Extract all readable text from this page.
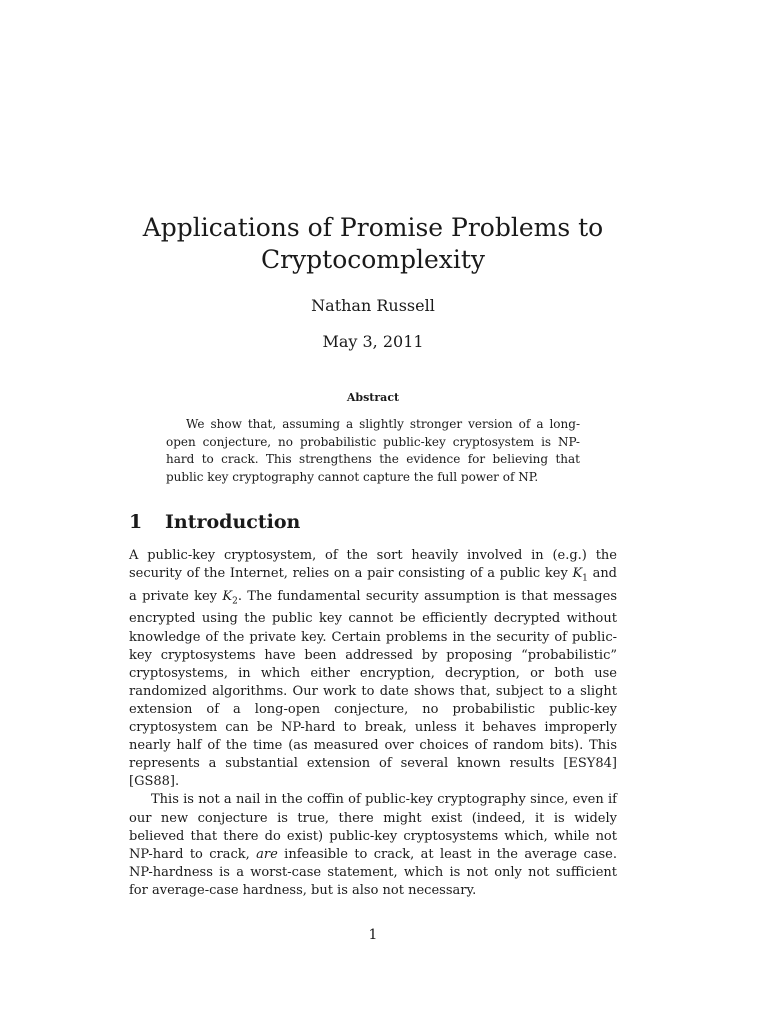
Applications of Promise Problems to
Cryptocomplexity
Nathan Russell
May 3, 2011
Abstract

We show that, assuming a slightly stronger version of a long-open conjecture, no probabilistic public-key cryptosystem is NP-hard to crack. This strengthens the evidence for believing that public key cryptography cannot capture the full power of NP.

1 Introduction

A public-key cryptosystem, of the sort heavily involved in (e.g.) the security of the Internet, relies on a pair consisting of a public key $K_1$ and a private key $K_2$. The fundamental security assumption is that messages encrypted using the public key cannot be efficiently decrypted without knowledge of the private key. Certain problems in the security of public-key cryptosystems have been addressed by proposing “probabilistic” cryptosystems, in which either encryption, decryption, or both use randomized algorithms. Our work to date shows that, subject to a slight extension of a long-open conjecture, no probabilistic public-key cryptosystem can be NP-hard to break, unless it behaves improperly nearly half of the time (as measured over choices of random bits). This represents a substantial extension of several known results [ESY84] [GS88].

This is not a nail in the coffin of public-key cryptography since, even if our new conjecture is true, there might exist (indeed, it is widely believed that there do exist) public-key cryptosystems which, while not NP-hard to crack, are infeasible to crack, at least in the average case. NP-hardness is a worst-case statement, which is not only not sufficient for average-case hardness, but is also not necessary.

1
